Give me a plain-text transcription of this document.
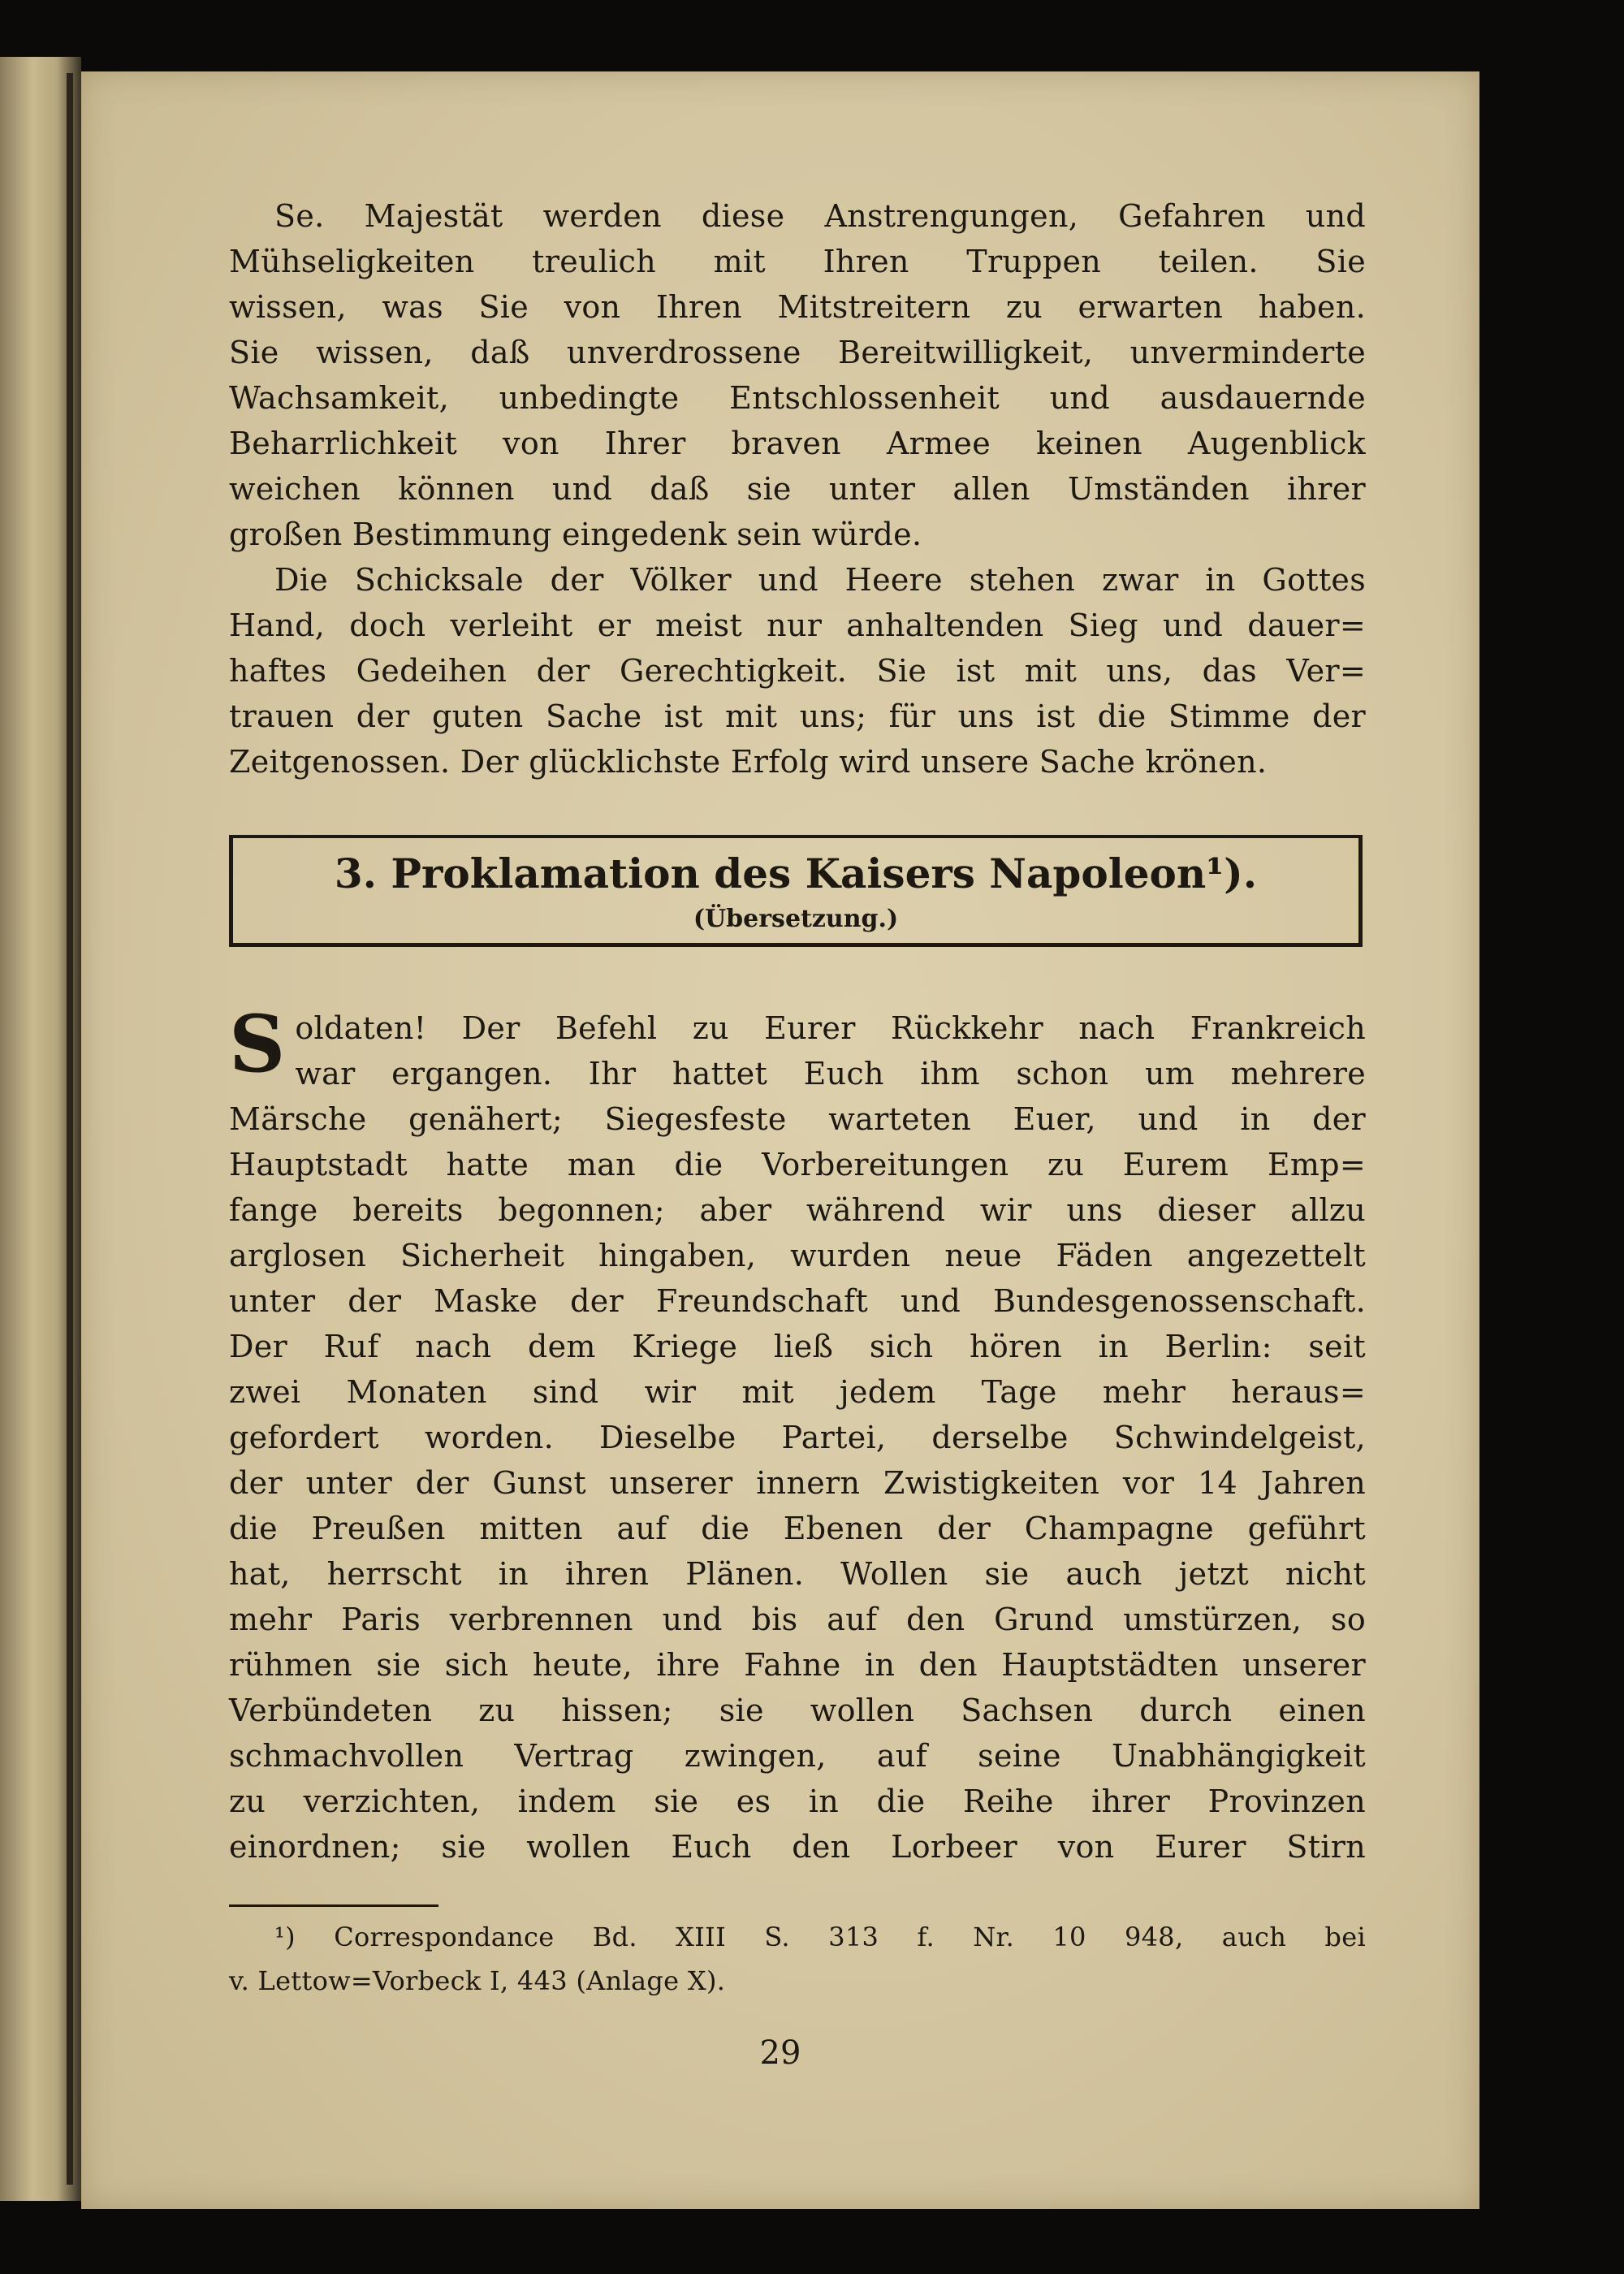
Se. Majestät werden diese Anstrengungen, Gefahren und
Mühseligkeiten treulich mit Ihren Truppen teilen. Sie
wissen, was Sie von Ihren Mitstreitern zu erwarten haben.
Sie wissen, daß unverdrossene Bereitwilligkeit, unverminderte
Wachsamkeit, unbedingte Entschlossenheit und ausdauernde
Beharrlichkeit von Ihrer braven Armee keinen Augenblick
weichen können und daß sie unter allen Umständen ihrer
großen Bestimmung eingedenk sein würde.
Die Schicksale der Völker und Heere stehen zwar in Gottes
Hand, doch verleiht er meist nur anhaltenden Sieg und dauer=
haftes Gedeihen der Gerechtigkeit. Sie ist mit uns, das Ver=
trauen der guten Sache ist mit uns; für uns ist die Stimme der
Zeitgenossen. Der glücklichste Erfolg wird unsere Sache krönen.
3. Proklamation des Kaisers Napoleon¹).
(Übersetzung.)
S oldaten! Der Befehl zu Eurer Rückkehr nach Frankreich
war ergangen. Ihr hattet Euch ihm schon um mehrere
Märsche genähert; Siegesfeste warteten Euer, und in der
Hauptstadt hatte man die Vorbereitungen zu Eurem Emp=
fange bereits begonnen; aber während wir uns dieser allzu
arglosen Sicherheit hingaben, wurden neue Fäden angezettelt
unter der Maske der Freundschaft und Bundesgenossenschaft.
Der Ruf nach dem Kriege ließ sich hören in Berlin: seit
zwei Monaten sind wir mit jedem Tage mehr heraus=
gefordert worden. Dieselbe Partei, derselbe Schwindelgeist,
der unter der Gunst unserer innern Zwistigkeiten vor 14 Jahren
die Preußen mitten auf die Ebenen der Champagne geführt
hat, herrscht in ihren Plänen. Wollen sie auch jetzt nicht
mehr Paris verbrennen und bis auf den Grund umstürzen, so
rühmen sie sich heute, ihre Fahne in den Hauptstädten unserer
Verbündeten zu hissen; sie wollen Sachsen durch einen
schmachvollen Vertrag zwingen, auf seine Unabhängigkeit
zu verzichten, indem sie es in die Reihe ihrer Provinzen
einordnen; sie wollen Euch den Lorbeer von Eurer Stirn
¹) Correspondance Bd. XIII S. 313 f. Nr. 10 948, auch bei
v. Lettow=Vorbeck I, 443 (Anlage X).
29
